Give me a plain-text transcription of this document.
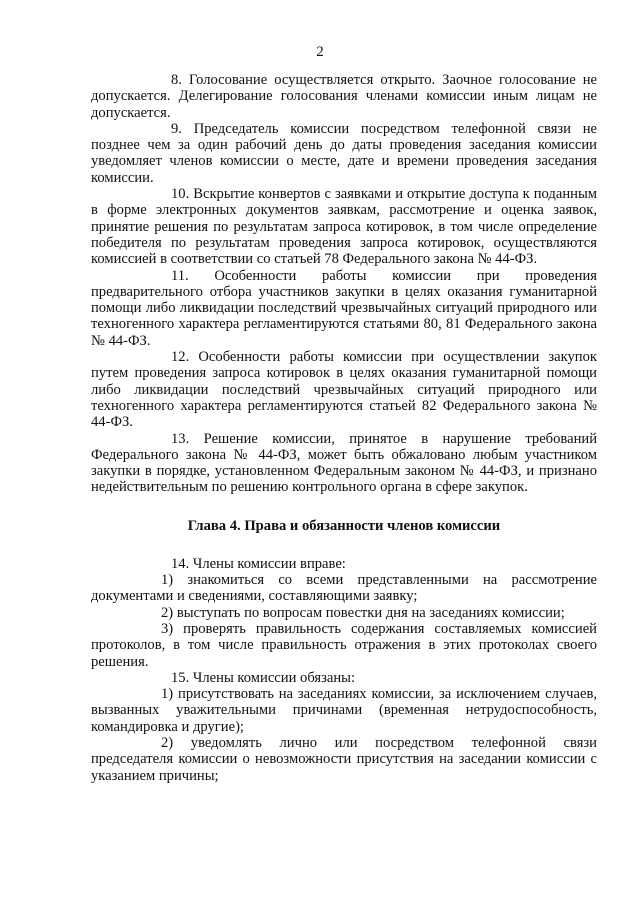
2

8. Голосование осуществляется открыто. Заочное голосование не допускается. Делегирование голосования членами комиссии иным лицам не допускается.

9. Председатель комиссии посредством телефонной связи не позднее чем за один рабочий день до даты проведения заседания комиссии уведомляет членов комиссии о месте, дате и времени проведения заседания комиссии.

10. Вскрытие конвертов с заявками и открытие доступа к поданным в форме электронных документов заявкам, рассмотрение и оценка заявок, принятие решения по результатам запроса котировок, в том числе определение победителя по результатам проведения запроса котировок, осуществляются комиссией в соответствии со статьей 78 Федерального закона № 44-ФЗ.

11. Особенности работы комиссии при проведения предварительного отбора участников закупки в целях оказания гуманитарной помощи либо ликвидации последствий чрезвычайных ситуаций природного или техногенного характера регламентируются статьями 80, 81 Федерального закона № 44-ФЗ.

12. Особенности работы комиссии при осуществлении закупок путем проведения запроса котировок в целях оказания гуманитарной помощи либо ликвидации последствий чрезвычайных ситуаций природного или техногенного характера регламентируются статьей 82 Федерального закона № 44-ФЗ.

13. Решение комиссии, принятое в нарушение требований Федерального закона № 44-ФЗ, может быть обжаловано любым участником закупки в порядке, установленном Федеральным законом № 44-ФЗ, и признано недействительным по решению контрольного органа в сфере закупок.

Глава 4. Права и обязанности членов комиссии

14. Члены комиссии вправе:

1) знакомиться со всеми представленными на рассмотрение документами и сведениями, составляющими заявку;

2) выступать по вопросам повестки дня на заседаниях комиссии;

3) проверять правильность содержания составляемых комиссией протоколов, в том числе правильность отражения в этих протоколах своего решения.

15. Члены комиссии обязаны:

1) присутствовать на заседаниях комиссии, за исключением случаев, вызванных уважительными причинами (временная нетрудоспособность, командировка и другие);

2) уведомлять лично или посредством телефонной связи председателя комиссии о невозможности присутствия на заседании комиссии с указанием причины;
